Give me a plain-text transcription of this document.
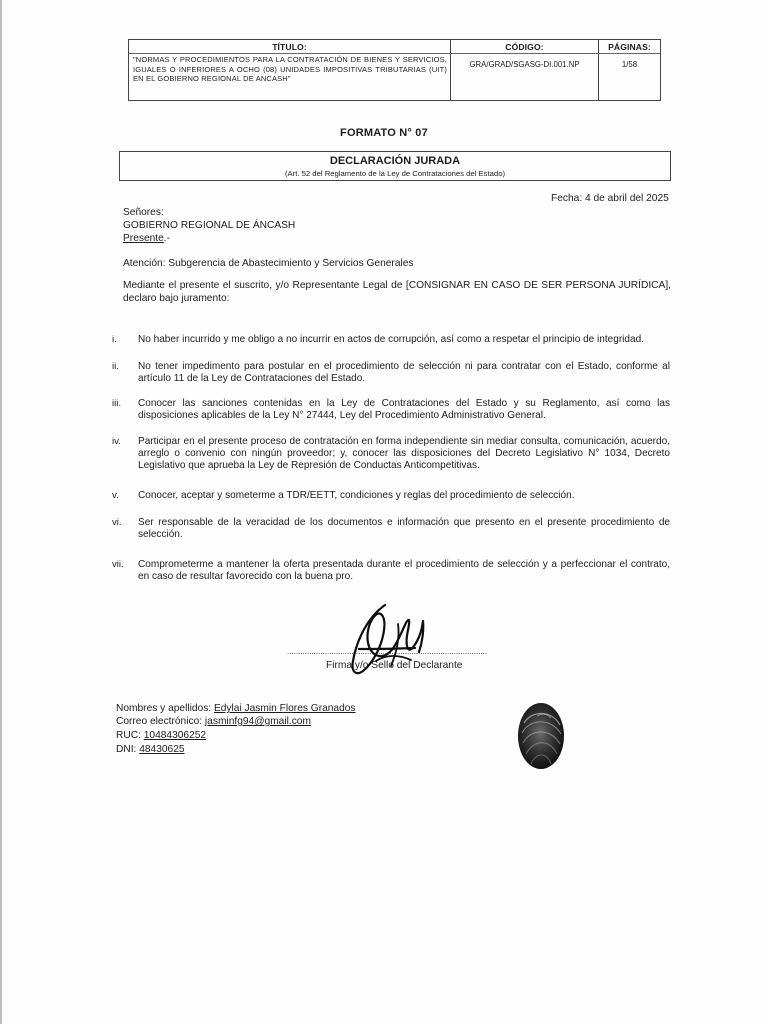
TÍTULO:
"NORMAS Y PROCEDIMIENTOS PARA LA CONTRATACIÓN DE BIENES Y SERVICIOS, IGUALES O INFERIORES A OCHO (08) UNIDADES IMPOSITIVAS TRIBUTARIAS (UIT) EN EL GOBIERNO REGIONAL DE ANCASH"
CÓDIGO:
GRA/GRAD/SGASG-DI.001.NP
PÁGINAS:
1/58
FORMATO N° 07
DECLARACIÓN JURADA
(Art. 52 del Reglamento de la Ley de Contrataciones del Estado)
Fecha: 4 de abril del 2025
Señores:
GOBIERNO REGIONAL DE ÁNCASH
Presente.-
Atención: Subgerencia de Abastecimiento y Servicios Generales
Mediante el presente el suscrito, y/o Representante Legal de [CONSIGNAR EN CASO DE SER PERSONA JURÍDICA], declaro bajo juramento:
i.	No haber incurrido y me obligo a no incurrir en actos de corrupción, así como a respetar el principio de integridad.
ii.	No tener impedimento para postular en el procedimiento de selección ni para contratar con el Estado, conforme al artículo 11 de la Ley de Contrataciones del Estado.
iii.	Conocer las sanciones contenidas en la Ley de Contrataciones del Estado y su Reglamento, así como las disposiciones aplicables de la Ley N° 27444, Ley del Procedimiento Administrativo General.
iv.	Participar en el presente proceso de contratación en forma independiente sin mediar consulta, comunicación, acuerdo, arreglo o convenio con ningún proveedor; y, conocer las disposiciones del Decreto Legislativo N° 1034, Decreto Legislativo que aprueba la Ley de Represión de Conductas Anticompetitivas.
v.	Conocer, aceptar y someterme a TDR/EETT, condiciones y reglas del procedimiento de selección.
vi.	Ser responsable de la veracidad de los documentos e información que presento en el presente procedimiento de selección.
vii.	Comprometerme a mantener la oferta presentada durante el procedimiento de selección y a perfeccionar el contrato, en caso de resultar favorecido con la buena pro.
..........................................................................................
Firma y/o Sello del Declarante
Nombres y apellidos: Edylai Jasmin Flores Granados
Correo electrónico: jasminfg94@gmail.com
RUC: 10484306252
DNI: 48430625
